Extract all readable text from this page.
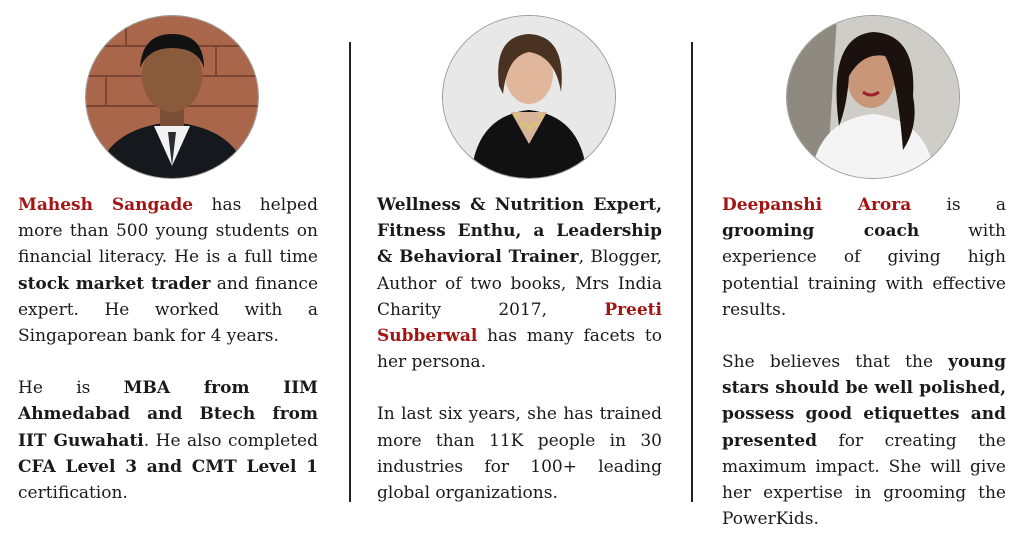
Mahesh Sangade has helped more than 500 young students on financial literacy. He is a full time stock market trader and finance expert. He worked with a Singaporean bank for 4 years.

He is MBA from IIM Ahmedabad and Btech from IIT Guwahati. He also completed CFA Level 3 and CMT Level 1 certification.

Wellness & Nutrition Expert, Fitness Enthu, a Leadership & Behavioral Trainer, Blogger, Author of two books, Mrs India Charity 2017, Preeti Subberwal has many facets to her persona.

In last six years, she has trained more than 11K people in 30 industries for 100+ leading global organizations.

Deepanshi Arora is a grooming coach with experience of giving high potential training with effective results.

She believes that the young stars should be well polished, possess good etiquettes and presented for creating the maximum impact. She will give her expertise in grooming the PowerKids.
